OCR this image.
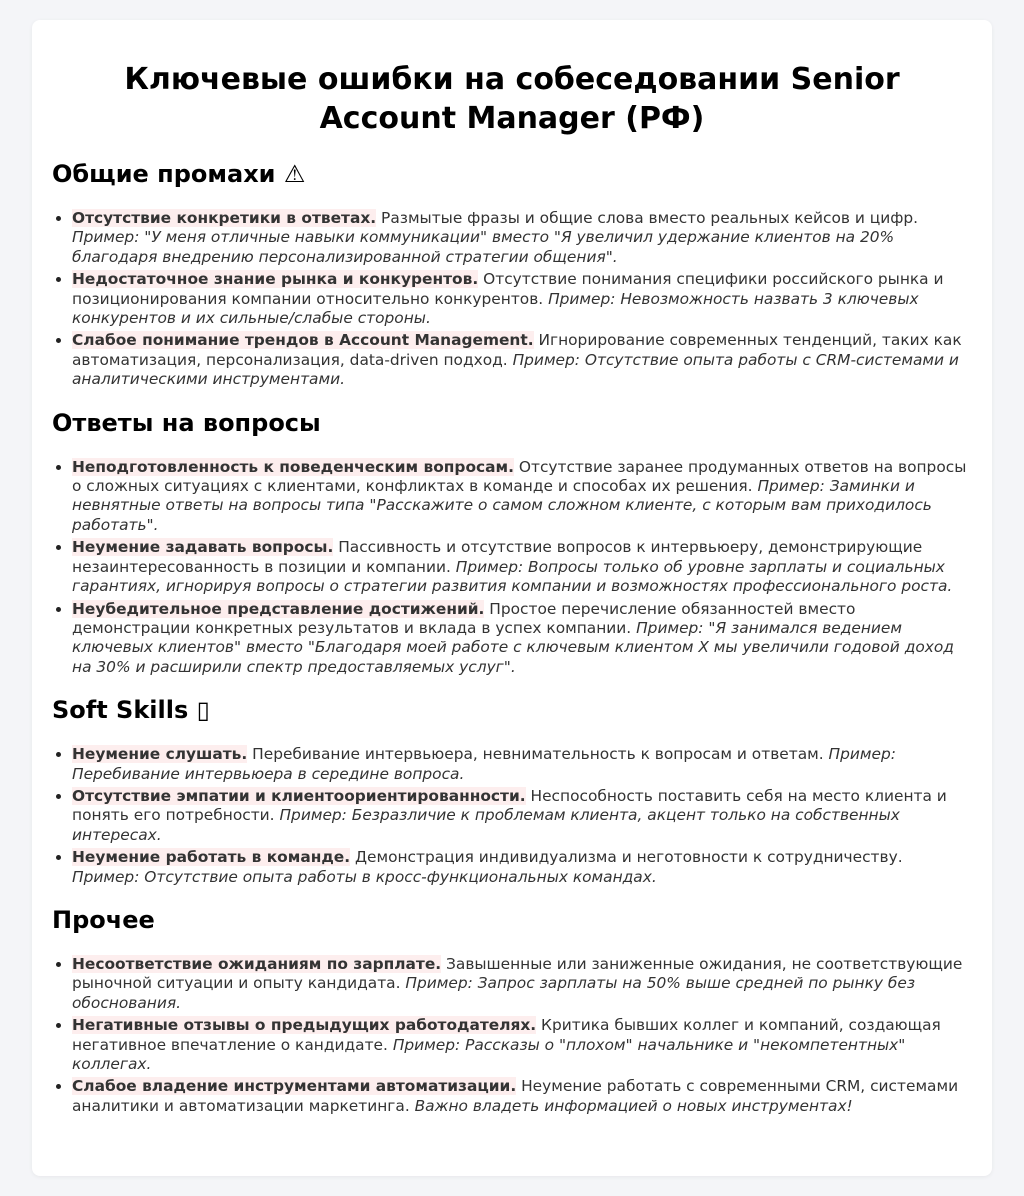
Ключевые ошибки на собеседовании Senior Account Manager (РФ)
Общие промахи ⚠
• Отсутствие конкретики в ответах. Размытые фразы и общие слова вместо реальных кейсов и цифр. Пример: "У меня отличные навыки коммуникации" вместо "Я увеличил удержание клиентов на 20% благодаря внедрению персонализированной стратегии общения".
• Недостаточное знание рынка и конкурентов. Отсутствие понимания специфики российского рынка и позиционирования компании относительно конкурентов. Пример: Невозможность назвать 3 ключевых конкурентов и их сильные/слабые стороны.
• Слабое понимание трендов в Account Management. Игнорирование современных тенденций, таких как автоматизация, персонализация, data-driven подход. Пример: Отсутствие опыта работы с CRM-системами и аналитическими инструментами.
Ответы на вопросы
• Неподготовленность к поведенческим вопросам. Отсутствие заранее продуманных ответов на вопросы о сложных ситуациях с клиентами, конфликтах в команде и способах их решения. Пример: Заминки и невнятные ответы на вопросы типа "Расскажите о самом сложном клиенте, с которым вам приходилось работать".
• Неумение задавать вопросы. Пассивность и отсутствие вопросов к интервьюеру, демонстрирующие незаинтересованность в позиции и компании. Пример: Вопросы только об уровне зарплаты и социальных гарантиях, игнорируя вопросы о стратегии развития компании и возможностях профессионального роста.
• Неубедительное представление достижений. Простое перечисление обязанностей вместо демонстрации конкретных результатов и вклада в успех компании. Пример: "Я занимался ведением ключевых клиентов" вместо "Благодаря моей работе с ключевым клиентом X мы увеличили годовой доход на 30% и расширили спектр предоставляемых услуг".
Soft Skills ▯
• Неумение слушать. Перебивание интервьюера, невнимательность к вопросам и ответам. Пример: Перебивание интервьюера в середине вопроса.
• Отсутствие эмпатии и клиентоориентированности. Неспособность поставить себя на место клиента и понять его потребности. Пример: Безразличие к проблемам клиента, акцент только на собственных интересах.
• Неумение работать в команде. Демонстрация индивидуализма и неготовности к сотрудничеству. Пример: Отсутствие опыта работы в кросс-функциональных командах.
Прочее
• Несоответствие ожиданиям по зарплате. Завышенные или заниженные ожидания, не соответствующие рыночной ситуации и опыту кандидата. Пример: Запрос зарплаты на 50% выше средней по рынку без обоснования.
• Негативные отзывы о предыдущих работодателях. Критика бывших коллег и компаний, создающая негативное впечатление о кандидате. Пример: Рассказы о "плохом" начальнике и "некомпетентных" коллегах.
• Слабое владение инструментами автоматизации. Неумение работать с современными CRM, системами аналитики и автоматизации маркетинга. Важно владеть информацией о новых инструментах!
